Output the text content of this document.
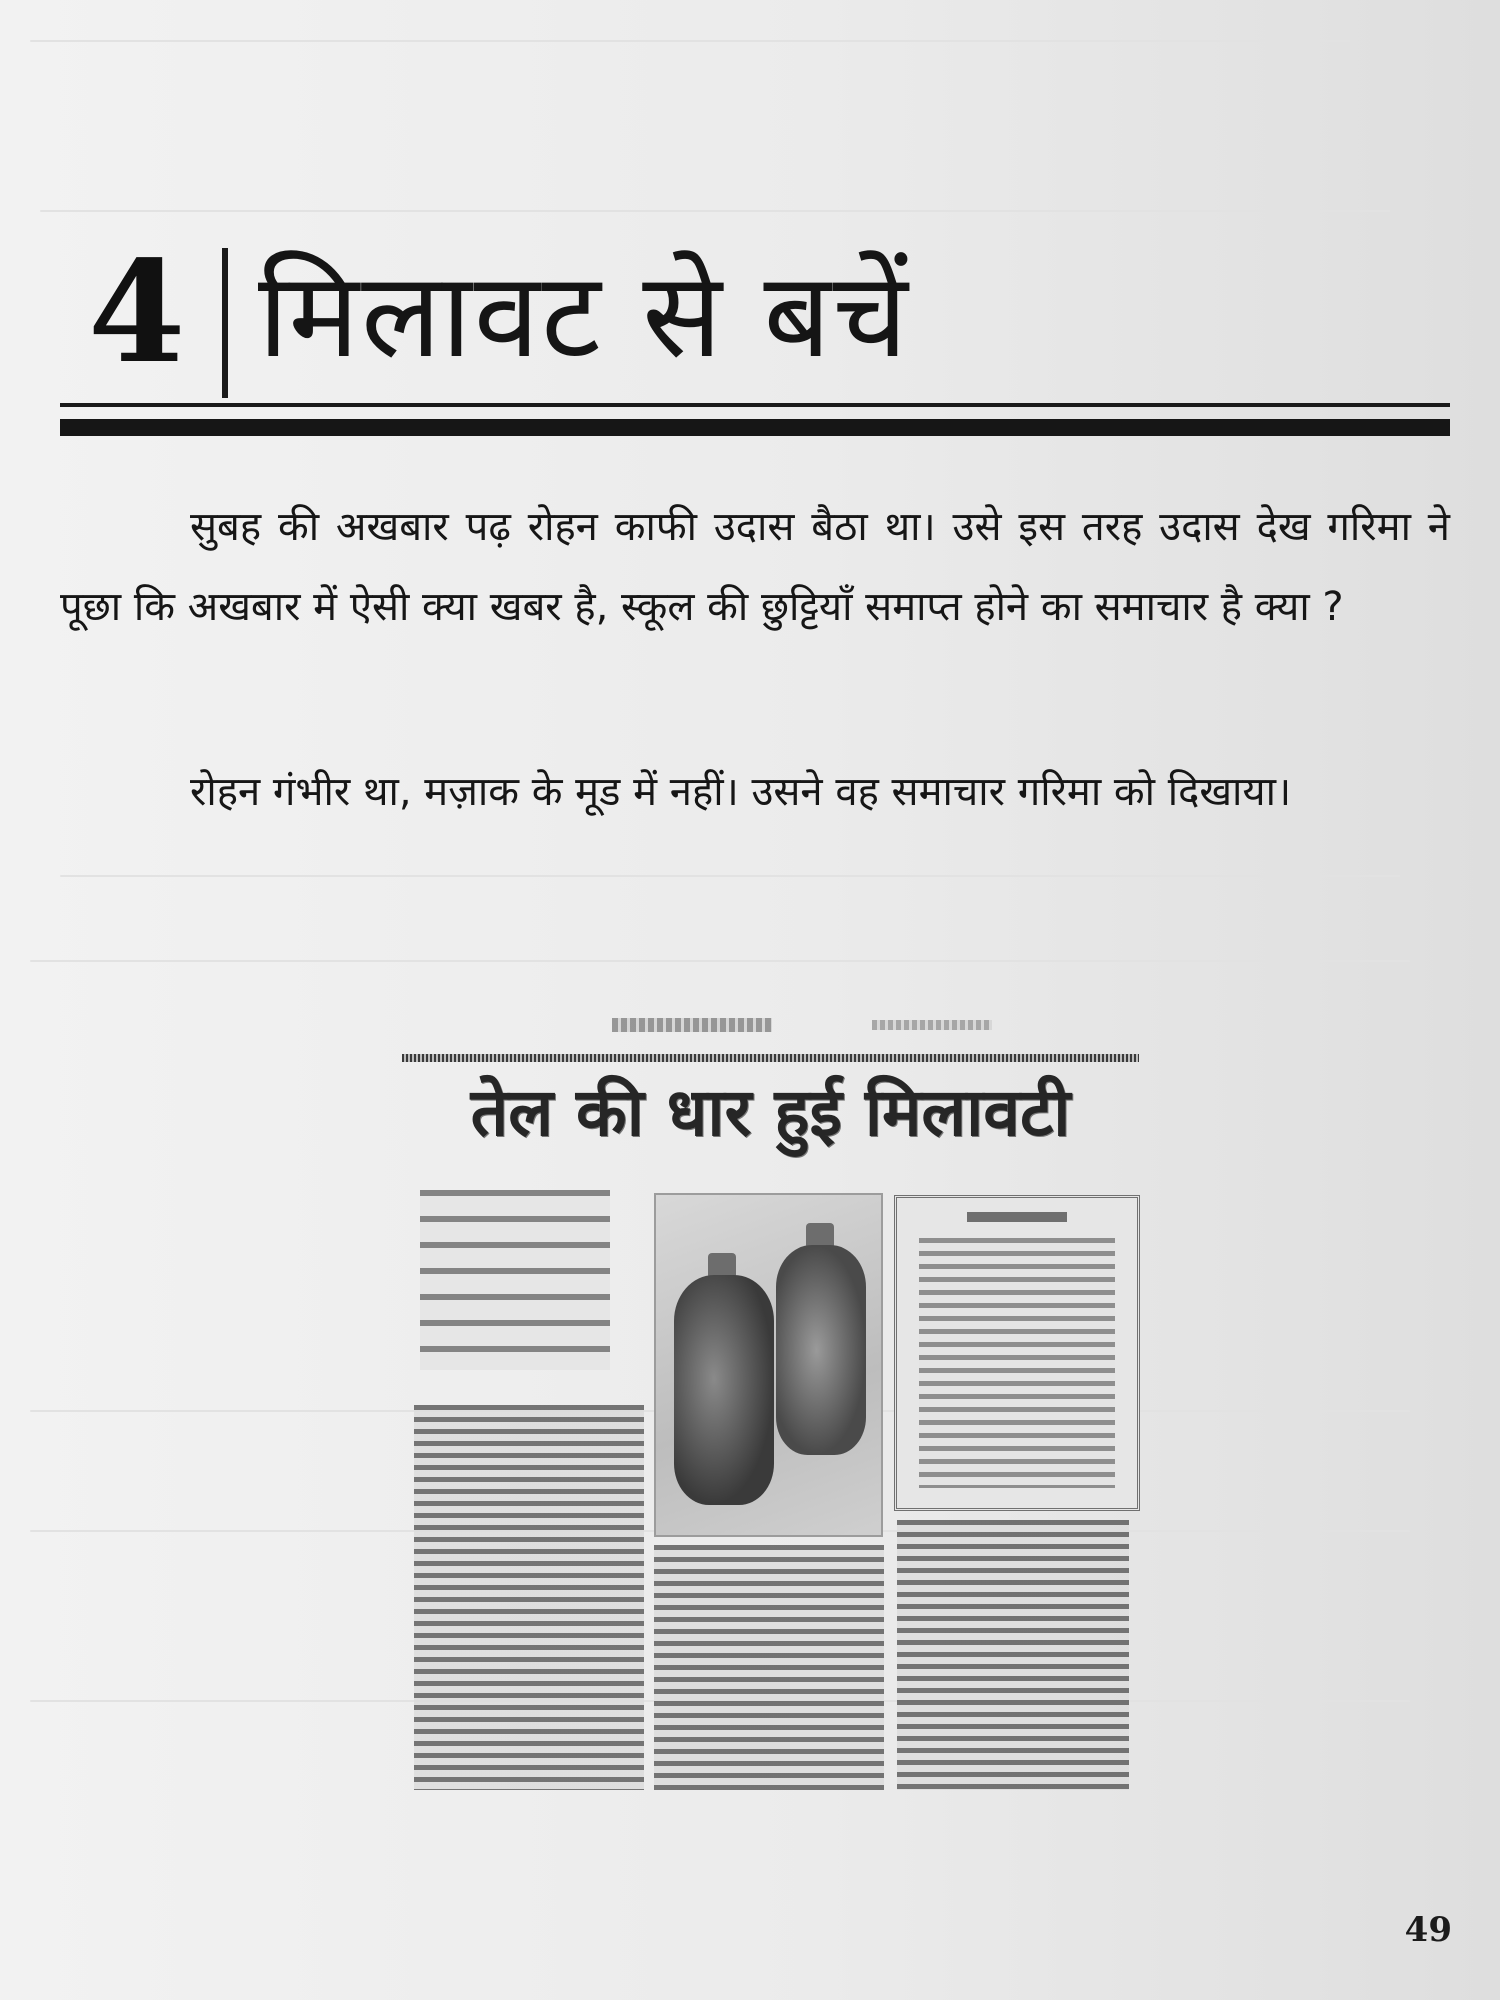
4 मिलावट से बचें

सुबह की अखबार पढ़ रोहन काफी उदास बैठा था। उसे इस तरह उदास देख गरिमा ने पूछा कि अखबार में ऐसी क्या खबर है, स्कूल की छुट्टियाँ समाप्त होने का समाचार है क्या ?

रोहन गंभीर था, मज़ाक के मूड में नहीं। उसने वह समाचार गरिमा को दिखाया।

तेल की धार हुई मिलावटी
49
